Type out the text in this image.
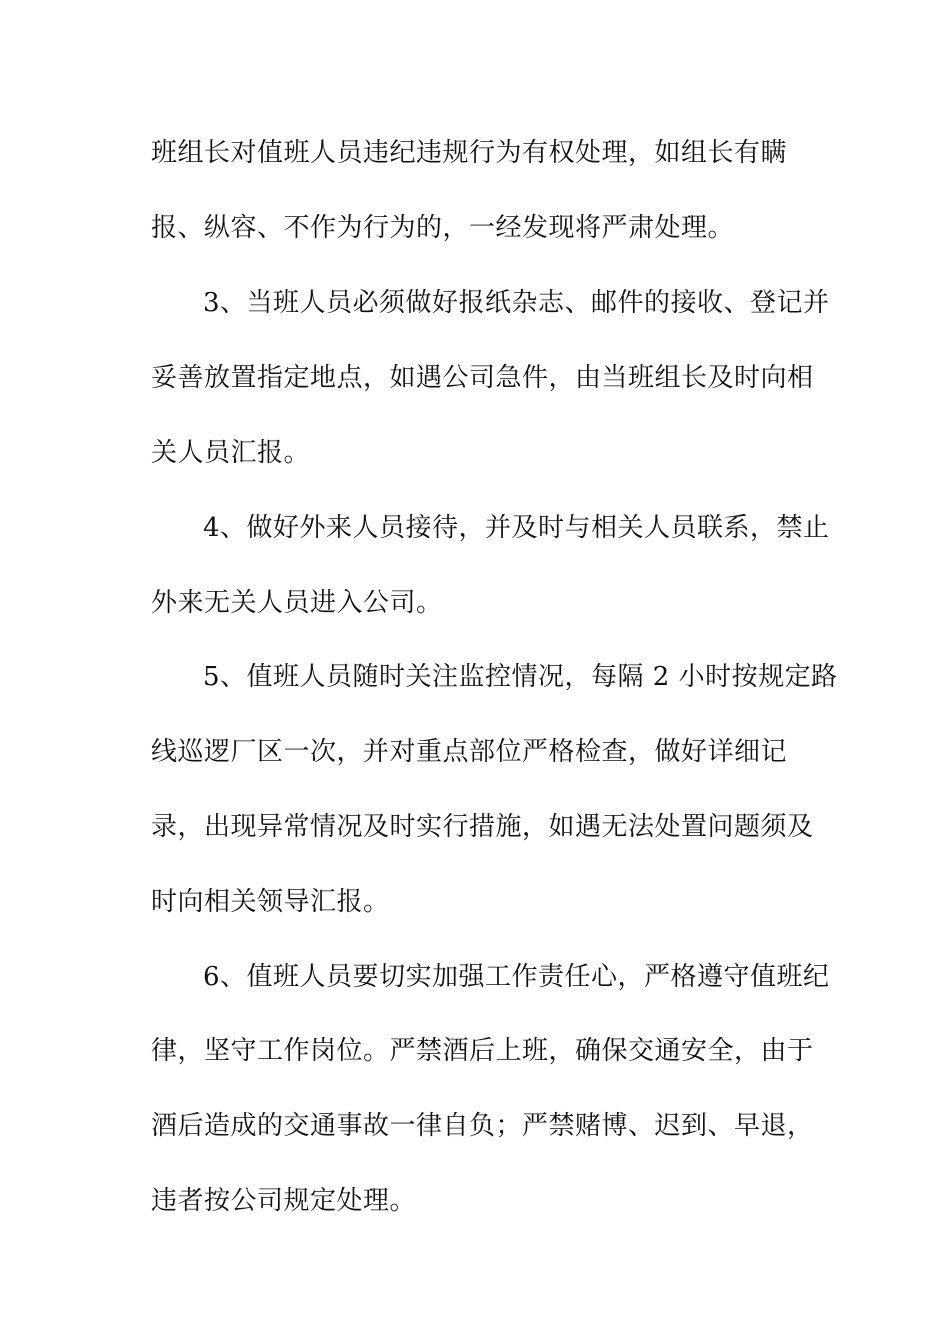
班组长对值班人员违纪违规行为有权处理，如组长有瞒

报、纵容、不作为行为的，一经发现将严肃处理。

3、当班人员必须做好报纸杂志、邮件的接收、登记并

妥善放置指定地点，如遇公司急件，由当班组长及时向相

关人员汇报。

4、做好外来人员接待，并及时与相关人员联系，禁止

外来无关人员进入公司。

5、值班人员随时关注监控情况，每隔 2 小时按规定路

线巡逻厂区一次，并对重点部位严格检查，做好详细记

录，出现异常情况及时实行措施，如遇无法处置问题须及

时向相关领导汇报。

6、值班人员要切实加强工作责任心，严格遵守值班纪

律，坚守工作岗位。严禁酒后上班，确保交通安全，由于

酒后造成的交通事故一律自负；严禁赌博、迟到、早退，

违者按公司规定处理。
